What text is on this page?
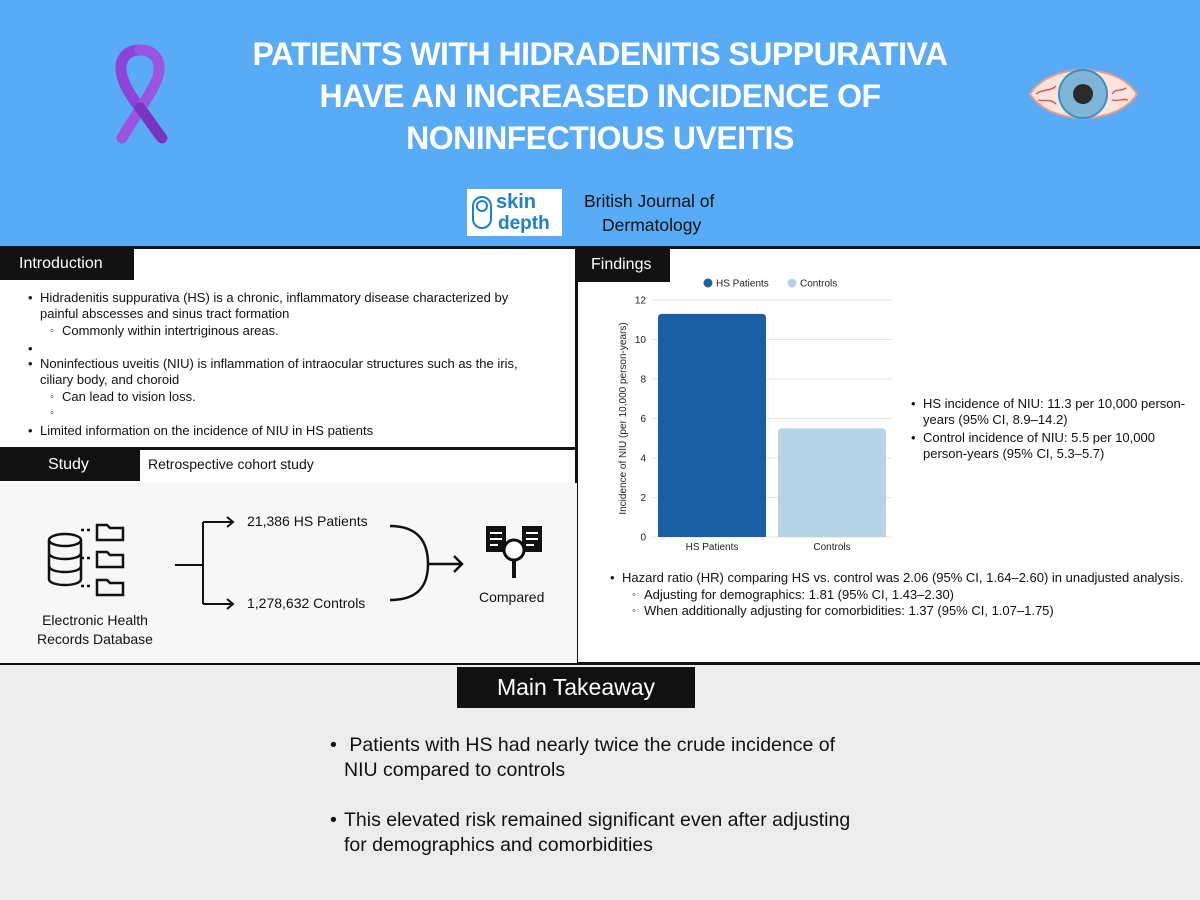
PATIENTS WITH HIDRADENITIS SUPPURATIVA
HAVE AN INCREASED INCIDENCE OF
NONINFECTIOUS UVEITIS
skin
depth
British Journal of
Dermatology
Introduction
• Hidradenitis suppurativa (HS) is a chronic, inflammatory disease characterized by painful abscesses and sinus tract formation
◦ Commonly within intertriginous areas.
•
• Noninfectious uveitis (NIU) is inflammation of intraocular structures such as the iris, ciliary body, and choroid
◦ Can lead to vision loss.
◦
• Limited information on the incidence of NIU in HS patients
Study	Retrospective cohort study
Electronic Health
Records Database
21,386 HS Patients
1,278,632 Controls	Compared
Findings
0
2
4
6
8
10
12
Incidence of NIU (per 10,000 person-years)
HS Patients	Controls
HS Patients	Controls
• HS incidence of NIU: 11.3 per 10,000 person-years (95% CI, 8.9–14.2)
• Control incidence of NIU: 5.5 per 10,000 person-years (95% CI, 5.3–5.7)
• Hazard ratio (HR) comparing HS vs. control was 2.06 (95% CI, 1.64–2.60) in unadjusted analysis.
◦ Adjusting for demographics: 1.81 (95% CI, 1.43–2.30)
◦ When additionally adjusting for comorbidities: 1.37 (95% CI, 1.07–1.75)
Main Takeaway
•  Patients with HS had nearly twice the crude incidence of NIU compared to controls
• This elevated risk remained significant even after adjusting for demographics and comorbidities
